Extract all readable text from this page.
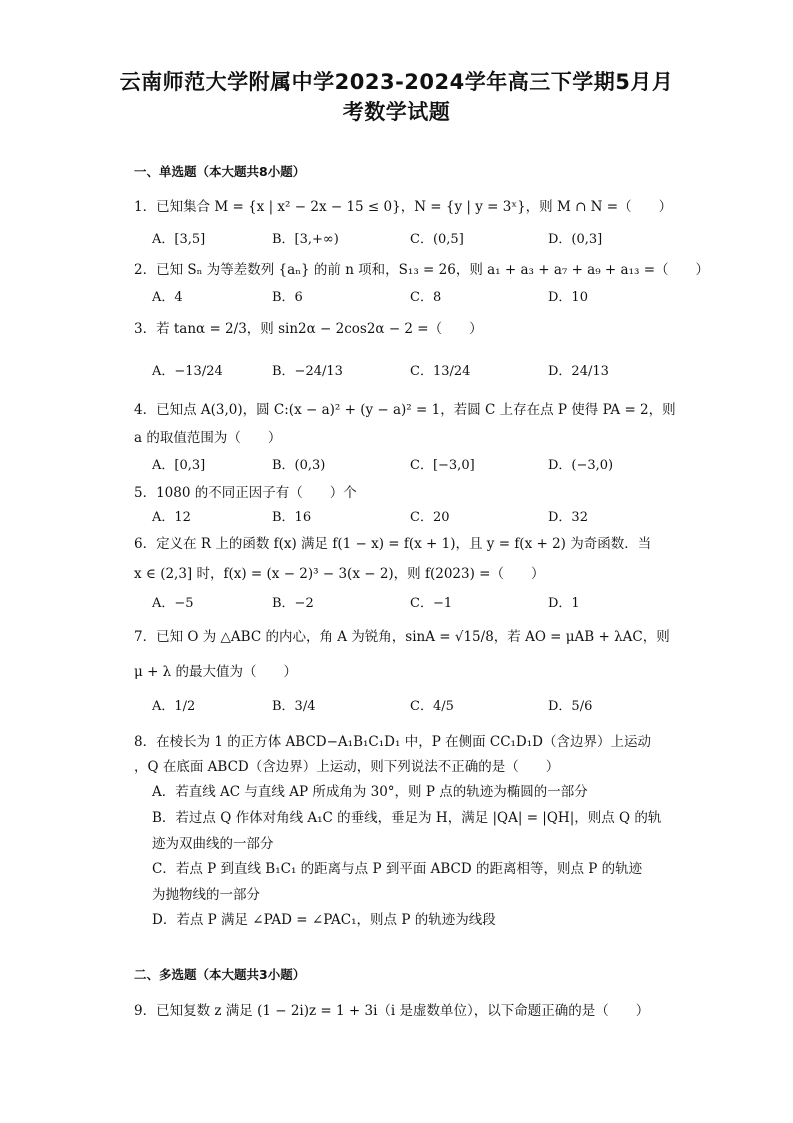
云南师范大学附属中学2023-2024学年高三下学期5月月
考数学试题
一、单选题（本大题共8小题）
1．已知集合 M = {x | x² − 2x − 15 ≤ 0}，N = {y | y = 3ˣ}，则 M ∩ N =（　　）
A．[3,5]	B．[3,+∞)	C．(0,5]	D．(0,3]
2．已知 Sₙ 为等差数列 {aₙ} 的前 n 项和，S₁₃ = 26，则 a₁ + a₃ + a₇ + a₉ + a₁₃ =（　　）
A．4	B．6	C．8	D．10
3．若 tanα = 2/3，则 sin2α − 2cos2α − 2 =（　　）
A．−13/24	B．−24/13	C．13/24	D．24/13
4．已知点 A(3,0)，圆 C:(x − a)² + (y − a)² = 1，若圆 C 上存在点 P 使得 PA = 2，则
a 的取值范围为（　　）
A．[0,3]	B．(0,3)	C．[−3,0]	D．(−3,0)
5．1080 的不同正因子有（　　）个
A．12	B．16	C．20	D．32
6．定义在 R 上的函数 f(x) 满足 f(1 − x) = f(x + 1)，且 y = f(x + 2) 为奇函数．当
x ∈ (2,3] 时，f(x) = (x − 2)³ − 3(x − 2)，则 f(2023) =（　　）
A．−5	B．−2	C．−1	D．1
7．已知 O 为 △ABC 的内心，角 A 为锐角，sinA = √15/8，若 AO = μAB + λAC，则
μ + λ 的最大值为（　　）
A．1/2	B．3/4	C．4/5	D．5/6
8．在棱长为 1 的正方体 ABCD−A₁B₁C₁D₁ 中，P 在侧面 CC₁D₁D（含边界）上运动
，Q 在底面 ABCD（含边界）上运动，则下列说法不正确的是（　　）
A．若直线 AC 与直线 AP 所成角为 30°，则 P 点的轨迹为椭圆的一部分
B．若过点 Q 作体对角线 A₁C 的垂线，垂足为 H，满足 |QA| = |QH|，则点 Q 的轨
迹为双曲线的一部分
C．若点 P 到直线 B₁C₁ 的距离与点 P 到平面 ABCD 的距离相等，则点 P 的轨迹
为抛物线的一部分
D．若点 P 满足 ∠PAD = ∠PAC₁，则点 P 的轨迹为线段
二、多选题（本大题共3小题）
9．已知复数 z 满足 (1 − 2i)z = 1 + 3i（i 是虚数单位），以下命题正确的是（　　）
